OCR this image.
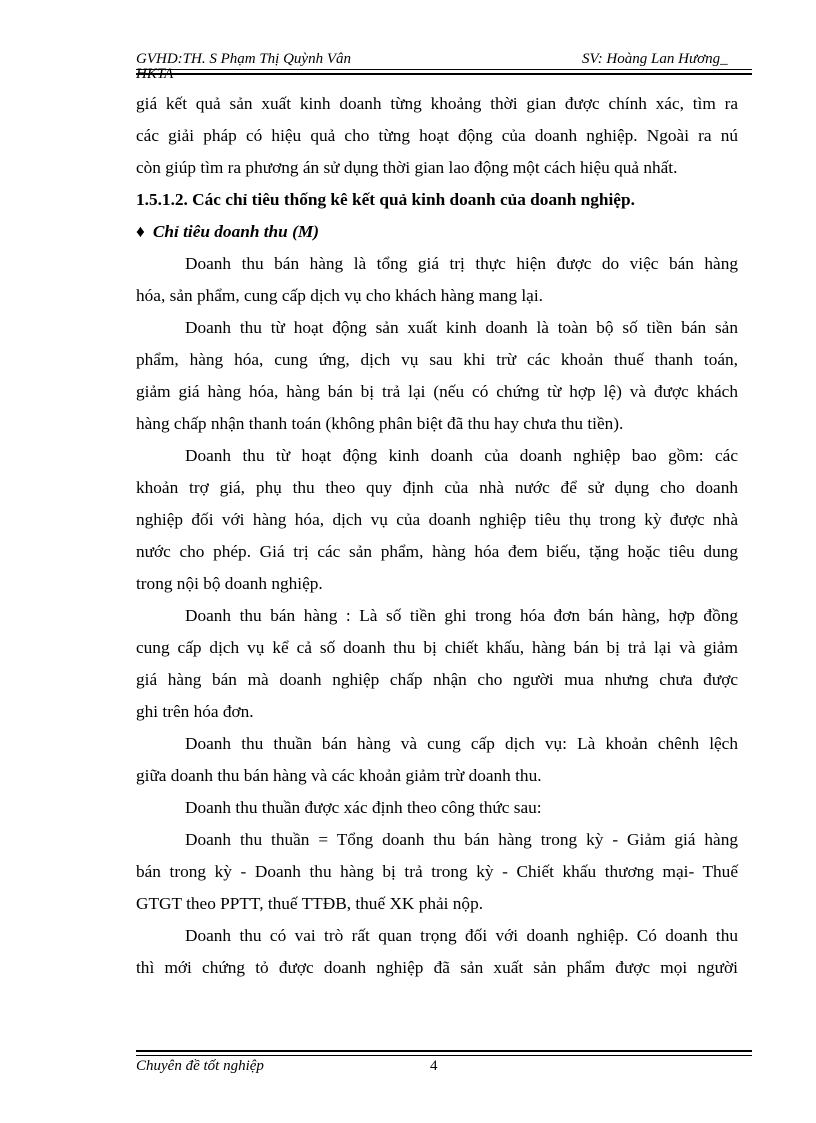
GVHD:TH. S Phạm Thị Quỳnh Vân	SV: Hoàng Lan Hương_
HKTA
giá kết quả sản xuất kinh doanh từng khoảng thời gian được chính xác, tìm ra
các giải pháp có hiệu quả cho từng hoạt động của doanh nghiệp. Ngoài ra nú
còn giúp tìm ra phương án sử dụng thời gian lao động một cách hiệu quả nhất.
1.5.1.2. Các chỉ tiêu thống kê kết quả kinh doanh của doanh nghiệp.
♦ Chỉ tiêu doanh thu (M)
Doanh thu bán hàng là tổng giá trị thực hiện được do việc bán hàng
hóa, sản phẩm, cung cấp dịch vụ cho khách hàng mang lại.
Doanh thu từ hoạt động sản xuất kinh doanh là toàn bộ số tiền bán sản
phẩm, hàng hóa, cung ứng, dịch vụ sau khi trừ các khoản thuế thanh toán,
giảm giá hàng hóa, hàng bán bị trả lại (nếu có chứng từ hợp lệ) và được khách
hàng chấp nhận thanh toán (không phân biệt đã thu hay chưa thu tiền).
Doanh thu từ hoạt động kinh doanh của doanh nghiệp bao gồm: các
khoản trợ giá, phụ thu theo quy định của nhà nước để sử dụng cho doanh
nghiệp đối với hàng hóa, dịch vụ của doanh nghiệp tiêu thụ trong kỳ được nhà
nước cho phép. Giá trị các sản phẩm, hàng hóa đem biếu, tặng hoặc tiêu dung
trong nội bộ doanh nghiệp.
Doanh thu bán hàng : Là số tiền ghi trong hóa đơn bán hàng, hợp đồng
cung cấp dịch vụ kể cả số doanh thu bị chiết khấu, hàng bán bị trả lại và giảm
giá hàng bán mà doanh nghiệp chấp nhận cho người mua nhưng chưa được
ghi trên hóa đơn.
Doanh thu thuần bán hàng và cung cấp dịch vụ: Là khoản chênh lệch
giữa doanh thu bán hàng và các khoản giảm trừ doanh thu.
Doanh thu thuần được xác định theo công thức sau:
Doanh thu thuần = Tổng doanh thu bán hàng trong kỳ - Giảm giá hàng
bán trong kỳ - Doanh thu hàng bị trả trong kỳ - Chiết khấu thương mại- Thuế
GTGT theo PPTT, thuế TTĐB, thuế XK phải nộp.
Doanh thu có vai trò rất quan trọng đối với doanh nghiệp. Có doanh thu
thì mới chứng tỏ được doanh nghiệp đã sản xuất sản phẩm được mọi người
Chuyên đề tốt nghiệp	4
